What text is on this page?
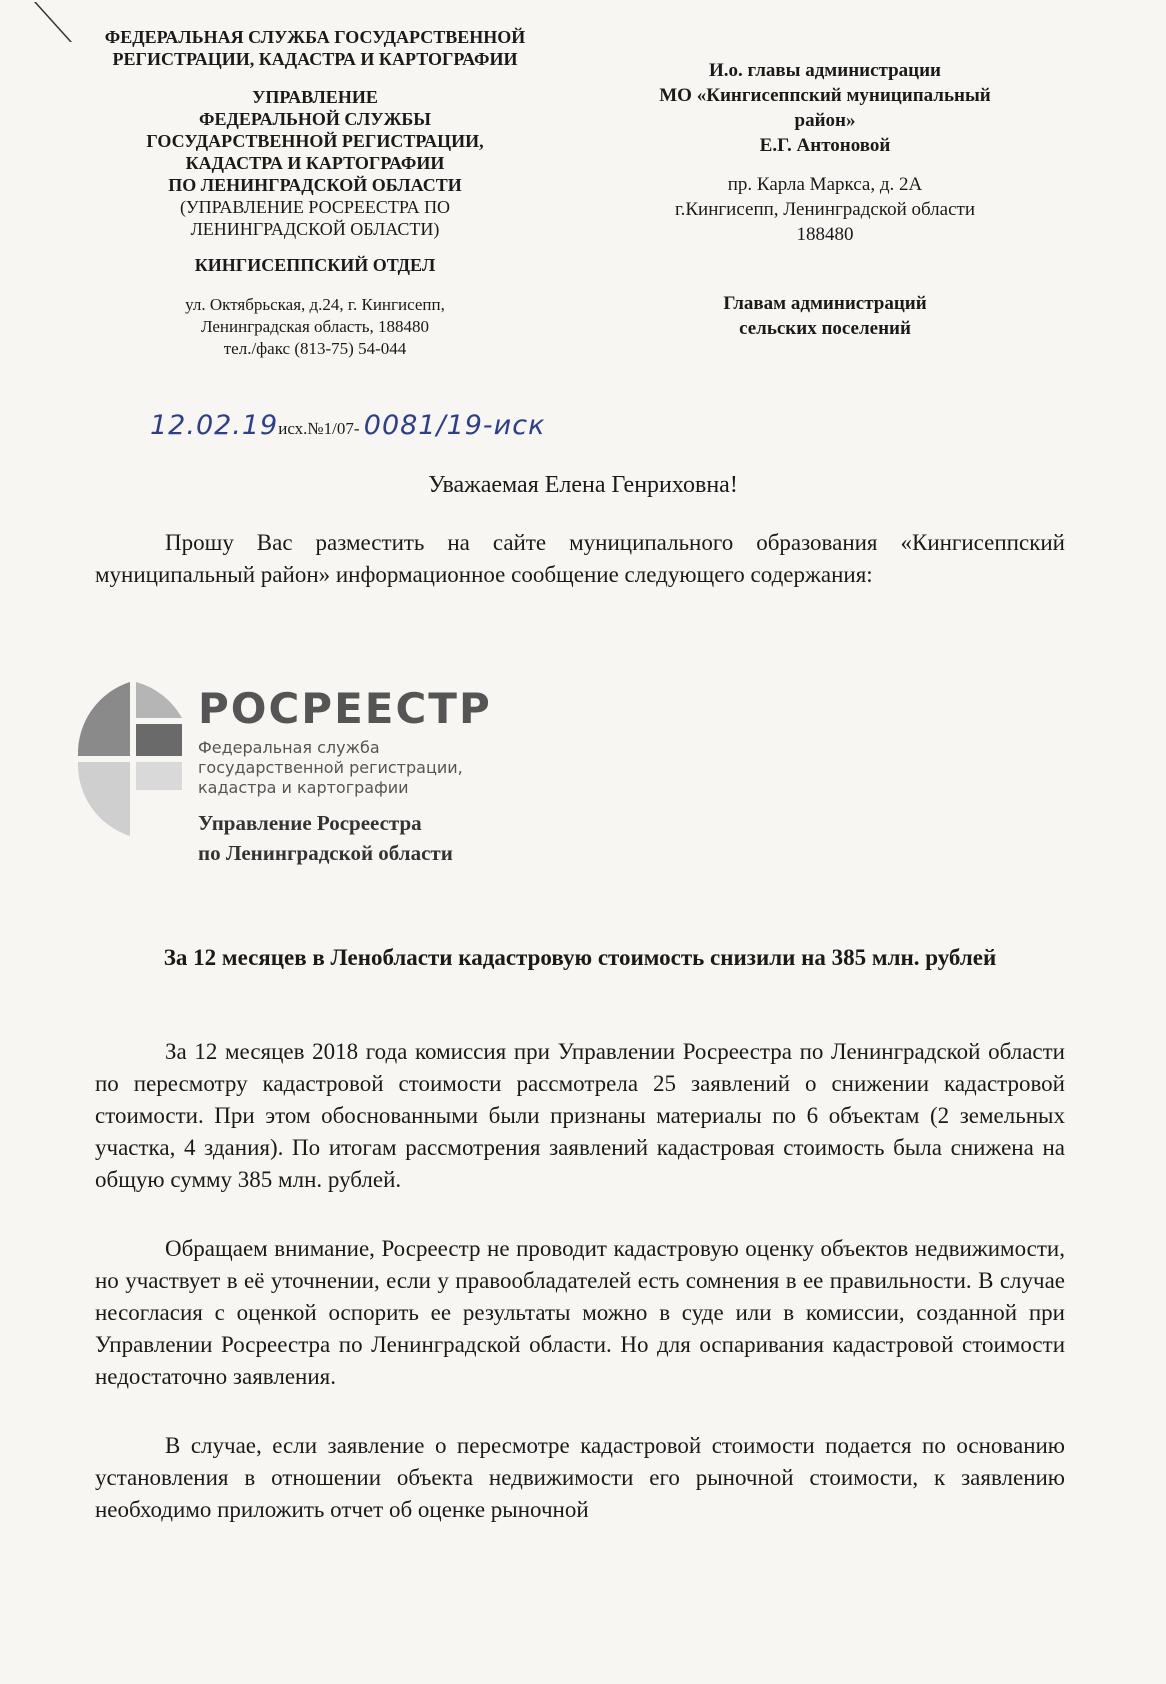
ФЕДЕРАЛЬНАЯ СЛУЖБА ГОСУДАРСТВЕННОЙ
РЕГИСТРАЦИИ, КАДАСТРА И КАРТОГРАФИИ
УПРАВЛЕНИЕ
ФЕДЕРАЛЬНОЙ СЛУЖБЫ
ГОСУДАРСТВЕННОЙ РЕГИСТРАЦИИ,
КАДАСТРА И КАРТОГРАФИИ
ПО ЛЕНИНГРАДСКОЙ ОБЛАСТИ
(УПРАВЛЕНИЕ РОСРЕЕСТРА ПО
ЛЕНИНГРАДСКОЙ ОБЛАСТИ)
КИНГИСЕППСКИЙ ОТДЕЛ
ул. Октябрьская, д.24, г. Кингисепп,
Ленинградская область, 188480
тел./факс (813-75) 54-044
И.о. главы администрации
МО «Кингисеппский муниципальный
район»
Е.Г. Антоновой
пр. Карла Маркса, д. 2А
г.Кингисепп, Ленинградской области
188480
Главам администраций
сельских поселений
12.02.19исх.№1/07- 0081/19-иск
Уважаемая Елена Генриховна!
Прошу Вас разместить на сайте муниципального образования «Кингисеппский муниципальный район» информационное сообщение следующего содержания:
РОСРЕЕСТР
Федеральная служба
государственной регистрации,
кадастра и картографии
Управление Росреестра
по Ленинградской области
За 12 месяцев в Ленобласти кадастровую стоимость снизили на 385 млн. рублей
За 12 месяцев 2018 года комиссия при Управлении Росреестра по Ленинградской области по пересмотру кадастровой стоимости рассмотрела 25 заявлений о снижении кадастровой стоимости. При этом обоснованными были признаны материалы по 6 объектам (2 земельных участка, 4 здания). По итогам рассмотрения заявлений кадастровая стоимость была снижена на общую сумму 385 млн. рублей.
Обращаем внимание, Росреестр не проводит кадастровую оценку объектов недвижимости, но участвует в её уточнении, если у правообладателей есть сомнения в ее правильности. В случае несогласия с оценкой оспорить ее результаты можно в суде или в комиссии, созданной при Управлении Росреестра по Ленинградской области. Но для оспаривания кадастровой стоимости недостаточно заявления.
В случае, если заявление о пересмотре кадастровой стоимости подается по основанию установления в отношении объекта недвижимости его рыночной стоимости, к заявлению необходимо приложить отчет об оценке рыночной
